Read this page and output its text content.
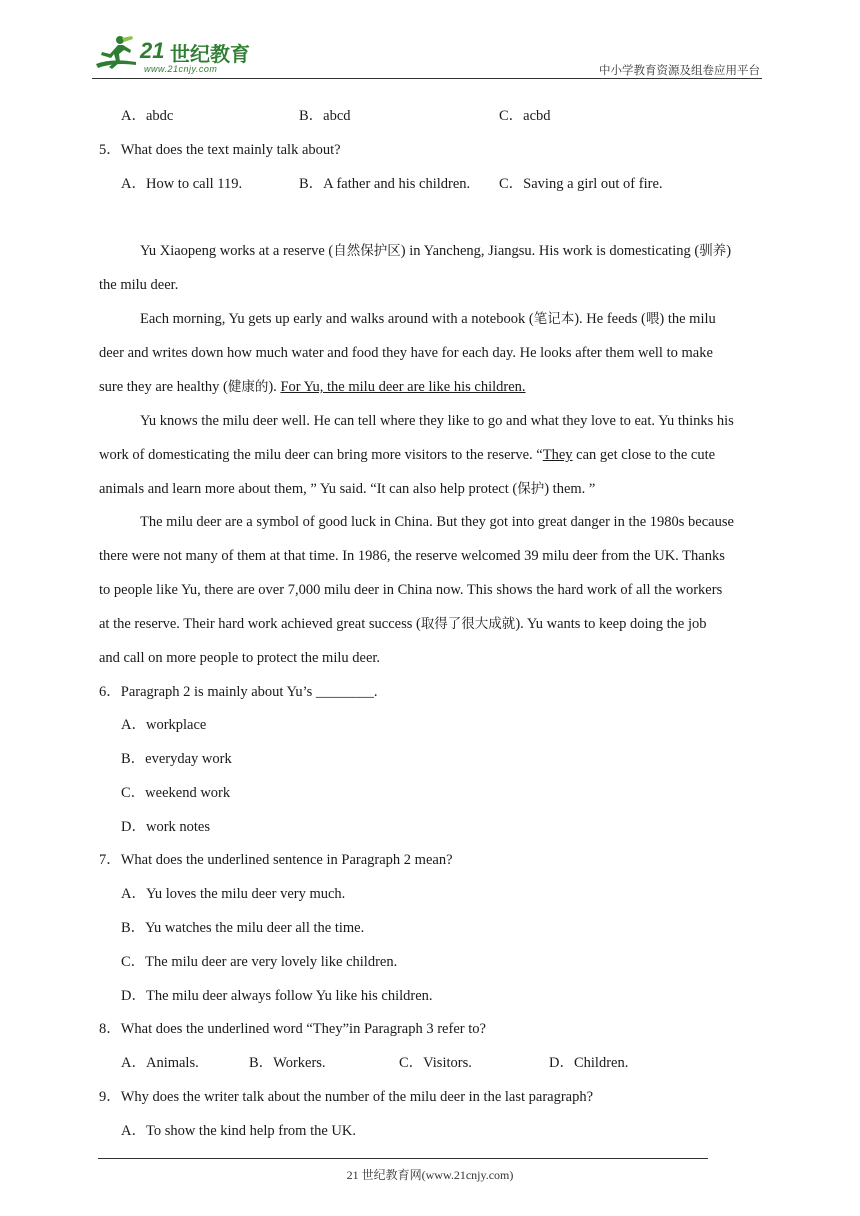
21 世纪教育
www.21cnjy.com	中小学教育资源及组卷应用平台
A．abdc	B．abcd	C．acbd
5．What does the text mainly talk about?
A．How to call 119.	B．A father and his children. C．Saving a girl out of fire.
Yu Xiaopeng works at a reserve (自然保护区) in Yancheng, Jiangsu. His work is domesticating (驯养)
the milu deer.
Each morning, Yu gets up early and walks around with a notebook (笔记本). He feeds (喂) the milu
deer and writes down how much water and food they have for each day. He looks after them well to make
sure they are healthy (健康的). For Yu, the milu deer are like his children.
Yu knows the milu deer well. He can tell where they like to go and what they love to eat. Yu thinks his
work of domesticating the milu deer can bring more visitors to the reserve. “They can get close to the cute
animals and learn more about them, ” Yu said. “It can also help protect (保护) them. ”
The milu deer are a symbol of good luck in China. But they got into great danger in the 1980s because
there were not many of them at that time. In 1986, the reserve welcomed 39 milu deer from the UK. Thanks
to people like Yu, there are over 7,000 milu deer in China now. This shows the hard work of all the workers
at the reserve. Their hard work achieved great success (取得了很大成就). Yu wants to keep doing the job
and call on more people to protect the milu deer.
6．Paragraph 2 is mainly about Yu’s ________.
A．workplace
B．everyday work
C．weekend work
D．work notes
7．What does the underlined sentence in Paragraph 2 mean?
A．Yu loves the milu deer very much.
B．Yu watches the milu deer all the time.
C．The milu deer are very lovely like children.
D．The milu deer always follow Yu like his children.
8．What does the underlined word “They”in Paragraph 3 refer to?
A．Animals.	B．Workers.	C．Visitors.	D．Children.
9．Why does the writer talk about the number of the milu deer in the last paragraph?
A．To show the kind help from the UK.
21 世纪教育网(www.21cnjy.com)
